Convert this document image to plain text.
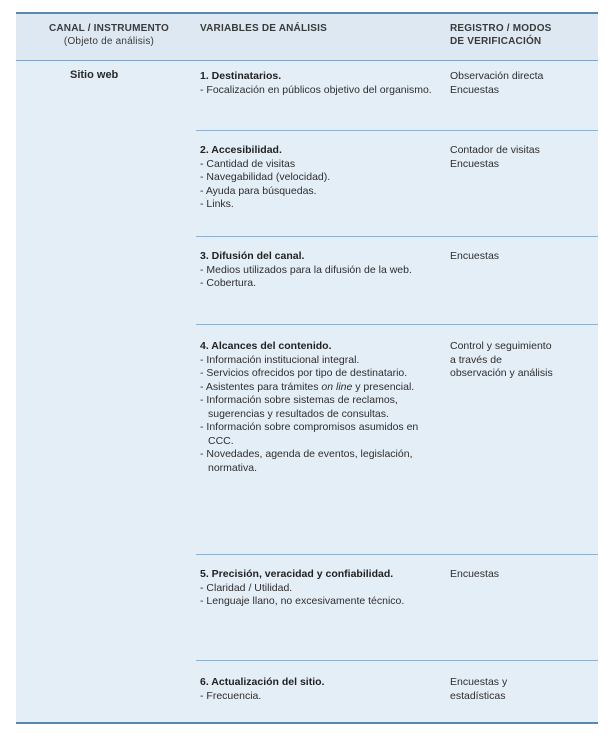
CANAL / INSTRUMENTO
(Objeto de análisis)
VARIABLES DE ANÁLISIS	REGISTRO / MODOS
DE VERIFICACIÓN
Sitio web	1. Destinatarios.
- Focalización en públicos objetivo del organismo.
Observación directa
Encuestas
2. Accesibilidad.
- Cantidad de visitas
- Navegabilidad (velocidad).
- Ayuda para búsquedas.
- Links.
Contador de visitas
Encuestas
3. Difusión del canal.
- Medios utilizados para la difusión de la web.
- Cobertura.
Encuestas
4. Alcances del contenido.
- Información institucional integral.
- Servicios ofrecidos por tipo de destinatario.
- Asistentes para trámites on line y presencial.
- Información sobre sistemas de reclamos, sugerencias y resultados de consultas.
- Información sobre compromisos asumidos en CCC.
- Novedades, agenda de eventos, legislación, normativa.
Control y seguimiento
a través de
observación y análisis
5. Precisión, veracidad y confiabilidad.
- Claridad / Utilidad.
- Lenguaje llano, no excesivamente técnico.
Encuestas
6. Actualización del sitio.
- Frecuencia.
Encuestas y
estadísticas
